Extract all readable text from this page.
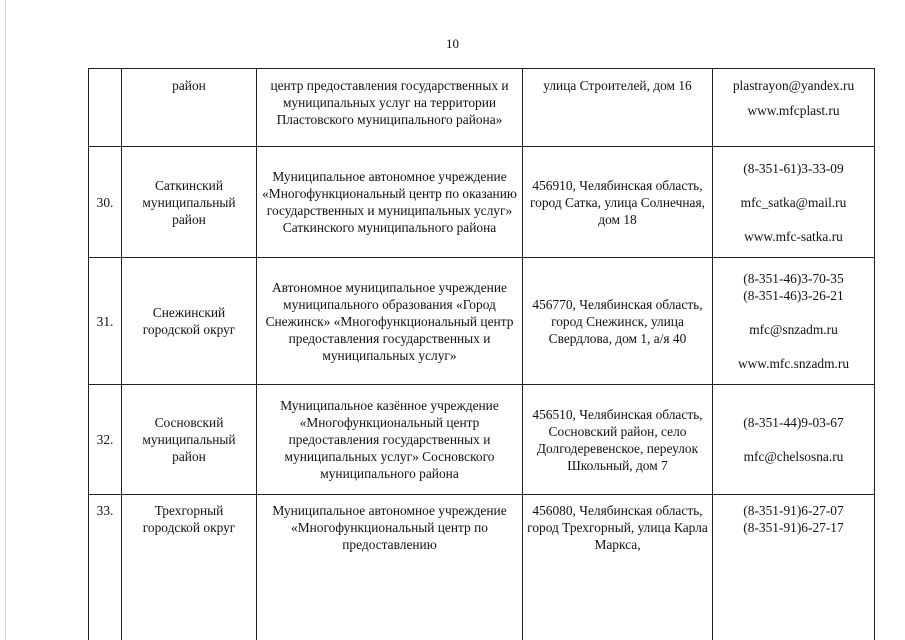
10
	район	центр предоставления государственных и муниципальных услуг на территории Пластовского муниципального района»	улица Строителей, дом 16	plastrayon@yandex.ru
www.mfcplast.ru

30.	Саткинский муниципальный район	Муниципальное автономное учреждение «Многофункциональный центр по оказанию государственных и муниципальных услуг» Саткинского муниципального района	456910, Челябинская область, город Сатка, улица Солнечная, дом 18	(8-351-61)3-33-09
mfc_satka@mail.ru
www.mfc-satka.ru

31.	Снежинский городской округ	Автономное муниципальное учреждение муниципального образования «Город Снежинск» «Многофункциональный центр предоставления государственных и муниципальных услуг»	456770, Челябинская область, город Снежинск, улица Свердлова, дом 1, а/я 40	(8-351-46)3-70-35
(8-351-46)3-26-21
mfc@snzadm.ru
www.mfc.snzadm.ru

32.	Сосновский муниципальный район	Муниципальное казённое учреждение «Многофункциональный центр предоставления государственных и муниципальных услуг» Сосновского муниципального района	456510, Челябинская область, Сосновский район, село Долгодеревенское, переулок Школьный, дом 7	(8-351-44)9-03-67
mfc@chelsosna.ru

33.	Трехгорный городской округ	Муниципальное автономное учреждение «Многофункциональный центр по предоставлению	456080, Челябинская область, город Трехгорный, улица Карла Маркса,	(8-351-91)6-27-07
(8-351-91)6-27-17
